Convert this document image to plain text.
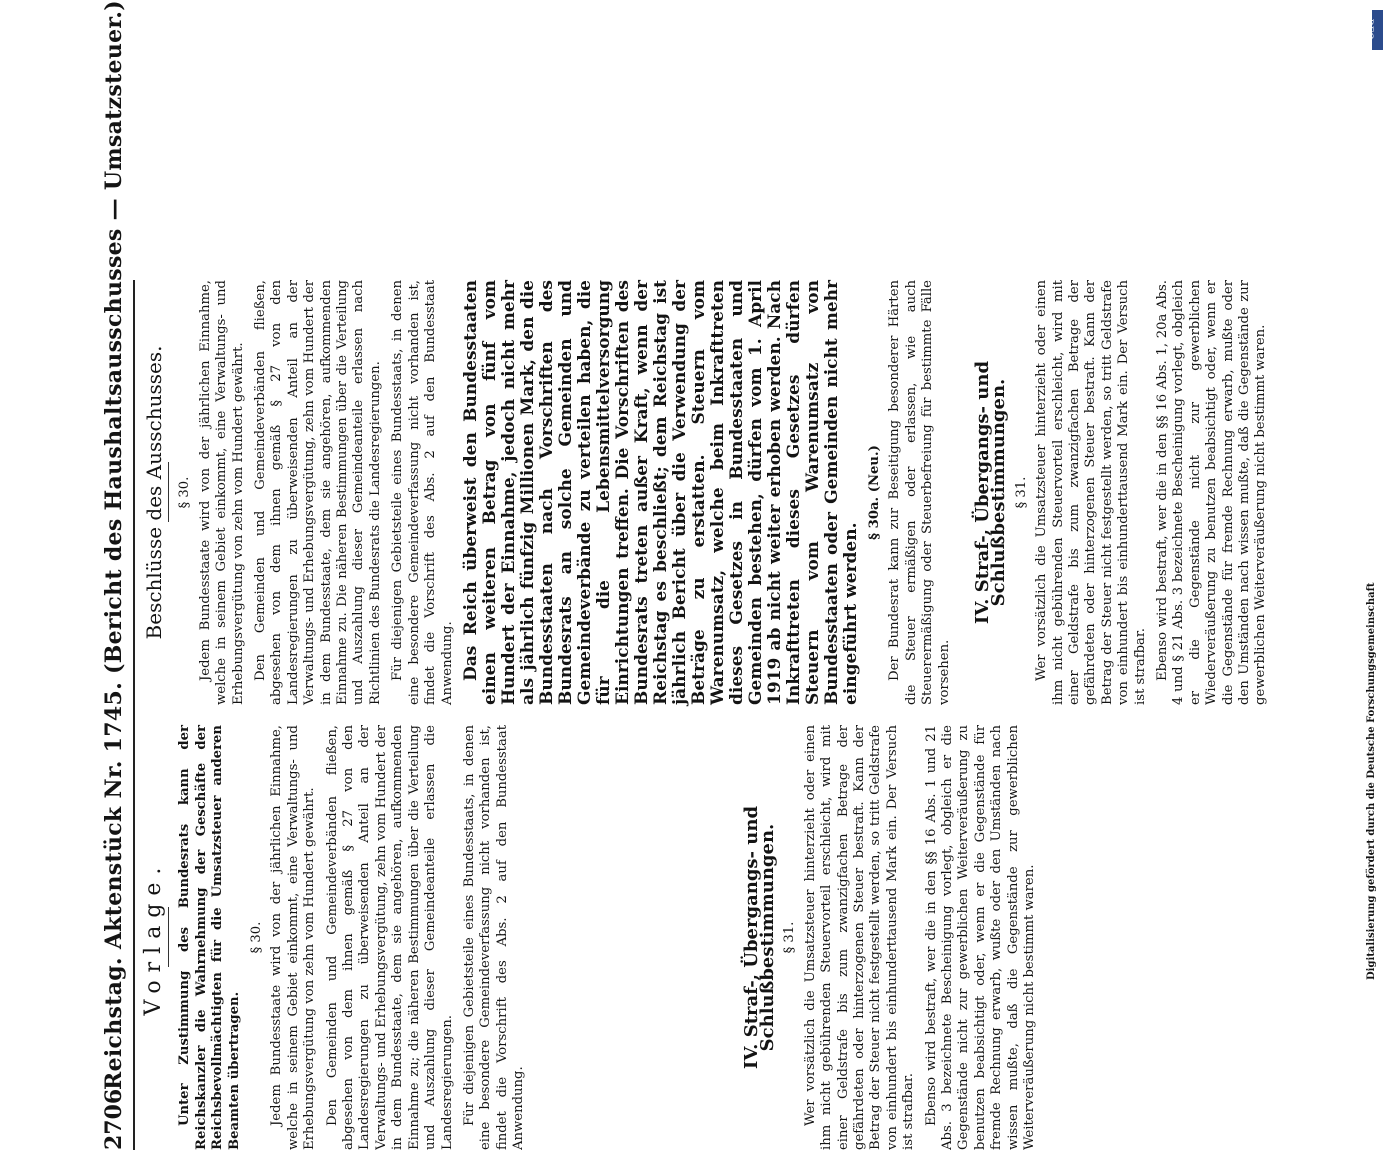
2706
Reichstag. Aktenstück Nr. 1745. (Bericht des Haushaltsausschusses — Umsatzsteuer.) Vorlage. Unter Zustimmung des Bundesrats kann der Reichskanzler die Wahrnehmung der Geschäfte der Reichsbevollmächtigten für die Umsatzsteuer anderen Beamten übertragen.

§ 30. Jedem Bundesstaate wird von der jährlichen Einnahme, welche in seinem Gebiet einkommt, eine Verwaltungs- und Erhebungsvergütung von zehn vom Hundert gewährt. Den Gemeinden und Gemeindeverbänden fließen, abgesehen von dem ihnen gemäß § 27 von den Landesregierungen zu überweisenden Anteil an der Verwaltungs- und Erhebungsvergütung, zehn vom Hundert der in dem Bundesstaate, dem sie angehören, aufkommenden Einnahme zu; die näheren Bestimmungen über die Verteilung und Auszahlung dieser Gemeindeanteile erlassen die Landesregierungen. Für diejenigen Gebietsteile eines Bundesstaats, in denen eine besondere Gemeindeverfassung nicht vorhanden ist, findet die Vorschrift des Abs. 2 auf den Bundesstaat Anwendung.

IV. Straf-, Übergangs- und Schlußbestimmungen. § 31. Wer vorsätzlich die Umsatzsteuer hinterzieht oder einen ihm nicht gebührenden Steuervorteil erschleicht, wird mit einer Geldstrafe bis zum zwanzigfachen Betrage der gefährdeten oder hinterzogenen Steuer bestraft. Kann der Betrag der Steuer nicht festgestellt werden, so tritt Geldstrafe von einhundert bis einhunderttausend Mark ein. Der Versuch ist strafbar. Ebenso wird bestraft, wer die in den §§ 16 Abs. 1 und 21 Abs. 3 bezeichnete Bescheinigung vorlegt, obgleich er die Gegenstände nicht zur gewerblichen Weiterveräußerung zu benutzen beabsichtigt oder, wenn er die Gegenstände für fremde Rechnung erwarb, wußte oder den Umständen nach wissen mußte, daß die Gegenstände zur gewerblichen Weiterveräußerung nicht bestimmt waren.

Beschlüsse des Ausschusses. § 30. Jedem Bundesstaate wird von der jährlichen Einnahme, welche in seinem Gebiet einkommt, eine Verwaltungs- und Erhebungsvergütung von zehn vom Hundert gewährt. Den Gemeinden und Gemeindeverbänden fließen, abgesehen von dem ihnen gemäß § 27 von den Landesregierungen zu überweisenden Anteil an der Verwaltungs- und Erhebungsvergütung, zehn vom Hundert der in dem Bundesstaate, dem sie angehören, aufkommenden Einnahme zu. Die näheren Bestimmungen über die Verteilung und Auszahlung dieser Gemeindeanteile erlassen nach Richtlinien des Bundesrats die Landesregierungen. Für diejenigen Gebietsteile eines Bundesstaats, in denen eine besondere Gemeindeverfassung nicht vorhanden ist, findet die Vorschrift des Abs. 2 auf den Bundesstaat Anwendung. Das Reich überweist den Bundesstaaten einen weiteren Betrag von fünf vom Hundert der Einnahme, jedoch nicht mehr als jährlich fünfzig Millionen Mark, den die Bundesstaaten nach Vorschriften des Bundesrats an solche Gemeinden und Gemeindeverbände zu verteilen haben, die für die Lebensmittelversorgung Einrichtungen treffen. Die Vorschriften des Bundesrats treten außer Kraft, wenn der Reichstag es beschließt; dem Reichstag ist jährlich Bericht über die Verwendung der Beträge zu erstatten. Steuern vom Warenumsatz, welche beim Inkrafttreten dieses Gesetzes in Bundesstaaten und Gemeinden bestehen, dürfen vom 1. April 1919 ab nicht weiter erhoben werden. Nach Inkrafttreten dieses Gesetzes dürfen Steuern vom Warenumsatz von Bundesstaaten oder Gemeinden nicht mehr eingeführt werden.

§ 30a. (Neu.) Der Bundesrat kann zur Beseitigung besonderer Härten die Steuer ermäßigen oder erlassen, wie auch Steuerermäßigung oder Steuerbefreiung für bestimmte Fälle vorsehen.

IV. Straf-, Übergangs- und Schlußbestimmungen. § 31. Wer vorsätzlich die Umsatzsteuer hinterzieht oder einen ihm nicht gebührenden Steuervorteil erschleicht, wird mit einer Geldstrafe bis zum zwanzigfachen Betrage der gefährdeten oder hinterzogenen Steuer bestraft. Kann der Betrag der Steuer nicht festgestellt werden, so tritt Geldstrafe von einhundert bis einhunderttausend Mark ein. Der Versuch ist strafbar. Ebenso wird bestraft, wer die in den §§ 16 Abs. 1, 20a Abs. 4 und § 21 Abs. 3 bezeichnete Bescheinigung vorlegt, obgleich er die Gegenstände nicht zur gewerblichen Wiederveräußerung zu benutzen beabsichtigt oder, wenn er die Gegenstände für fremde Rechnung erwarb, mußte oder den Umständen nach wissen mußte, daß die Gegenstände zur gewerblichen Weiterveräußerung nicht bestimmt waren.

DFG
Digitalisierung gefördert durch die Deutsche Forschungsgemeinschaft
